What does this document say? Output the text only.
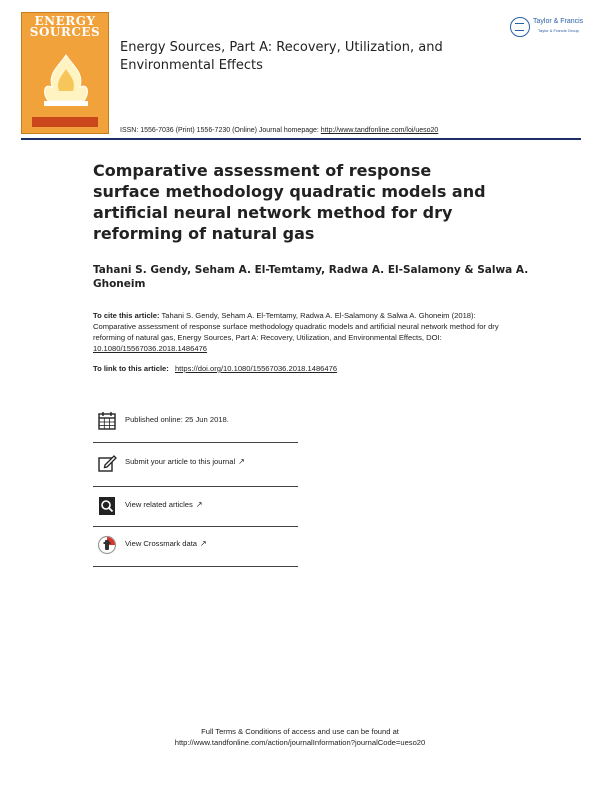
ENERGY
SOURCES
Energy Sources, Part A: Recovery, Utilization, and Environmental Effects
Taylor & Francis
Taylor & Francis Group
ISSN: 1556-7036 (Print) 1556-7230 (Online) Journal homepage: http://www.tandfonline.com/loi/ueso20
Comparative assessment of response surface methodology quadratic models and artificial neural network method for dry reforming of natural gas
Tahani S. Gendy, Seham A. El-Temtamy, Radwa A. El-Salamony & Salwa A. Ghoneim
To cite this article: Tahani S. Gendy, Seham A. El-Temtamy, Radwa A. El-Salamony & Salwa A. Ghoneim (2018): Comparative assessment of response surface methodology quadratic models and artificial neural network method for dry reforming of natural gas, Energy Sources, Part A: Recovery, Utilization, and Environmental Effects, DOI: 10.1080/15567036.2018.1486476
To link to this article: https://doi.org/10.1080/15567036.2018.1486476
Published online: 25 Jun 2018.
Submit your article to this journal ↗
View related articles ↗
View Crossmark data ↗
Full Terms & Conditions of access and use can be found at
http://www.tandfonline.com/action/journalInformation?journalCode=ueso20
